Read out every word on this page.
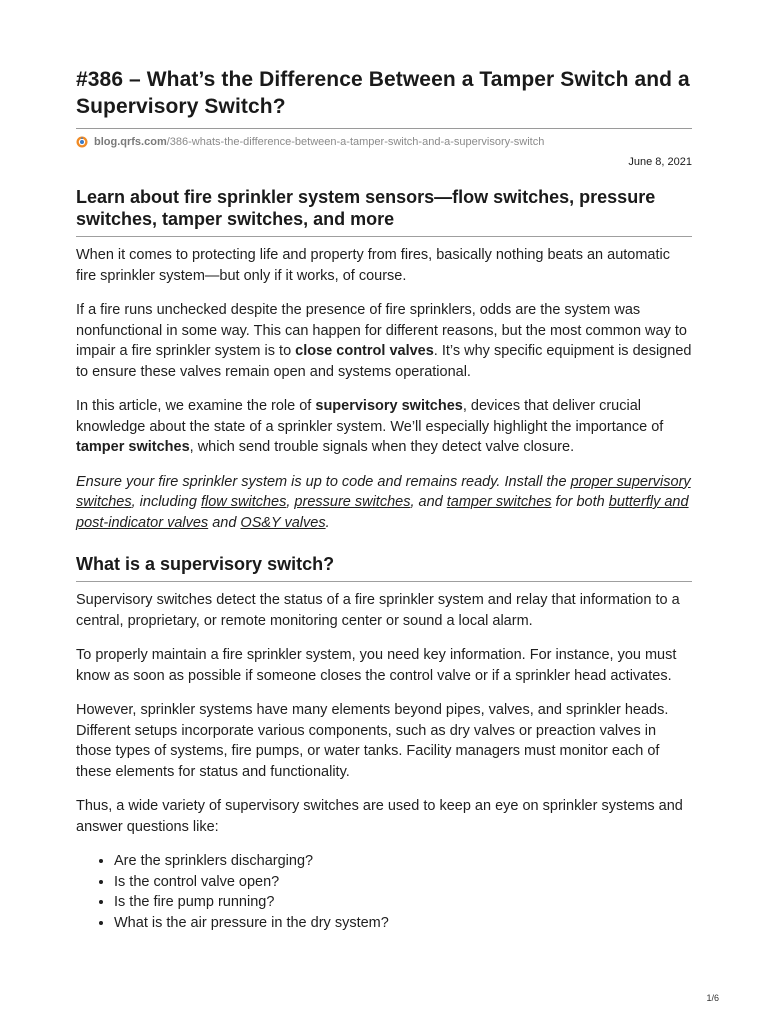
#386 – What’s the Difference Between a Tamper Switch and a Supervisory Switch?
blog.qrfs.com /386-whats-the-difference-between-a-tamper-switch-and-a-supervisory-switch
June 8, 2021
Learn about fire sprinkler system sensors—flow switches, pressure switches, tamper switches, and more

When it comes to protecting life and property from fires, basically nothing beats an automatic fire sprinkler system—but only if it works, of course.

If a fire runs unchecked despite the presence of fire sprinklers, odds are the system was nonfunctional in some way. This can happen for different reasons, but the most common way to impair a fire sprinkler system is to close control valves. It’s why specific equipment is designed to ensure these valves remain open and systems operational.

In this article, we examine the role of supervisory switches, devices that deliver crucial knowledge about the state of a sprinkler system. We’ll especially highlight the importance of tamper switches, which send trouble signals when they detect valve closure.

Ensure your fire sprinkler system is up to code and remains ready. Install the proper supervisory switches, including flow switches, pressure switches, and tamper switches for both butterfly and post-indicator valves and OS&Y valves.

What is a supervisory switch?

Supervisory switches detect the status of a fire sprinkler system and relay that information to a central, proprietary, or remote monitoring center or sound a local alarm.

To properly maintain a fire sprinkler system, you need key information. For instance, you must know as soon as possible if someone closes the control valve or if a sprinkler head activates.

However, sprinkler systems have many elements beyond pipes, valves, and sprinkler heads. Different setups incorporate various components, such as dry valves or preaction valves in those types of systems, fire pumps, or water tanks. Facility managers must monitor each of these elements for status and functionality.

Thus, a wide variety of supervisory switches are used to keep an eye on sprinkler systems and answer questions like:

• Are the sprinklers discharging?
• Is the control valve open?
• Is the fire pump running?
• What is the air pressure in the dry system?
1/6
